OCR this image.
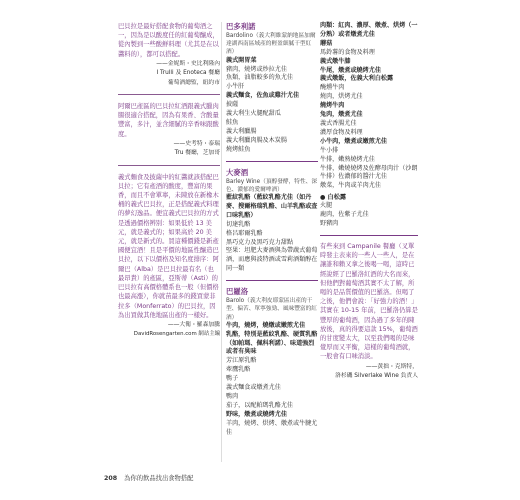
巴貝拉是最好搭配食物的葡萄酒之一，因為是以酸度任的紅葡萄釀成，從內製到一些酸鮮料理（尤其是在以醬料的），都可以搭配。

——金妮斯・史比利隆內

I Trulli 及 Enoteca 餐廳

葡萄酒總監，紐約市

阿爾巴產區的巴貝拉紅酒跟義式臘肉腸很適合搭配，因為有果香、含酸量豐富，多汁，並含細膩的辛香味跟酸度。

——史考特・泰瑞

Tru 餐廳，芝加哥

義式麵食及披薩中的紅醬就該搭配巴貝拉；它有產酒的酸度，豐富的果香，而且不會單寧，未陳放在新橡木桶的義式巴貝拉，正是搭配義式料理的夢幻逸品。便宜義式巴貝拉的方式是透過價格辨別：如果低於 13 美元，就是義式的；如果高於 20 美元，就是新式的。買這種價錢是新產國便宜酒！且是平價的地區性釀造巴貝拉，以下以價格及知名度排序：阿爾巴（Alba）是巴貝拉最有名（也最昂貴）的產區，亞斯蒂（Asti）的巴貝拉有高價格體系也一般（但價格也最高漲），你就苗最多的錢買蒙非拉多（Monferrato）的巴貝拉，因為出買做其他地區出產的一樣好。

——大衛・羅森加騰

DavidRosengarten.com 網站主編

巴多利諾

Bardolino（義大利維蒙納地區加爾達湖西南區域產的輕盈細膩干型紅酒）

義式開胃菜

豬肉，燒烤或炒拉尤佳

魚類，油脂較多的魚尤佳

小牛肝

義式麵食，佐魚或雞汁尤佳

披薩

義大利生火腿配甜瓜

鮭魚

義大利臘腸

義大利臘肉腸及木炭腸

燒烤鮭魚

大麥酒

Barley Wine（頂醇發酵，特性、深色、濃郁的愛爾啤酒）

藍紋乳酪（藍紋乳酪尤佳（如丹麥、搜爾格瑞乳酪、山羊乳酪或查口味乳酪）

切達乳酪

格呂耶爾乳酪

黑巧克力及黑巧克力甜點

堅果：坦肥大麥酒與為帶蔬式葡萄酒，而應與波特酒或雪莉酒類醇在同一類

巴羅洛

Barolo（義大利皮耶蒙區出產的干型、偏苦、單寧強勁、風味豐富的紅酒）

牛肉，燒烤，燒燉或嫩煎尤佳

乳酪，特別是藍紋乳酪、硬質乳酪（如帕瑪、佩科利諾）、味道強烈或者有臭味

芳江原乳酪

牽鷹乳酪

鴨子

義式麵食或燉煮尤佳

鴨肉

茄子，以配帕瑪乳酪尤佳

野味，燉煮或燒烤尤佳

羊肉，燒烤、烘烤、燉煮或牛腱尤佳

肉類：紅肉、濃厚、燉煮、烘烤（一分熟）或者燉煮尤佳

蘑菇

馬鈴薯的食物及料理

義式燉牛膝

牛尾，燉煮或燒烤尤佳

義式燉飯，佐義大利白松露

醃燻牛肉

燒肉，烘烤尤佳

燒烤牛肉

兔肉，燉煮尤佳

義式香腸尤佳

濃厚食物及料理

小牛肉，燉煮或嫩煎尤佳

牛小排

牛排，嫩熟燒烤尤佳

牛排，嫩燒燒烤及佐酵母肉汁（沙朗牛排）佐濃郁的醬汁尤佳

燉菜，牛肉或羊肉尤佳

● 白松露

火腿

鹿肉，佐紫子尤佳

野豬肉

有些來到 Campanile 餐廳（叉單時發主表來的一些人一些人，是在讓誰和賴又拿之後喝一喝，這時已經說經了巴羅洛紅酒的大名而來，但他們對葡萄酒其實不太了解，所喝的是品質價值的巴羅洛。但喝了之後，他們會說：「好強力的酒！」其實在 10-15 年前，巴羅洛仍算是豐厚的葡萄酒，因為過了多年的陳放後，真的得要這款 15%，葡萄酒的甘度變太大，以至我們喝的是味覺厚而又平衡，這樣的葡萄酒就，一般會有口味消淡。

——黃拙・克斯特，

洛杉磯 Silverlake Wine 負責人

208 為你的飲品找出食物搭配
